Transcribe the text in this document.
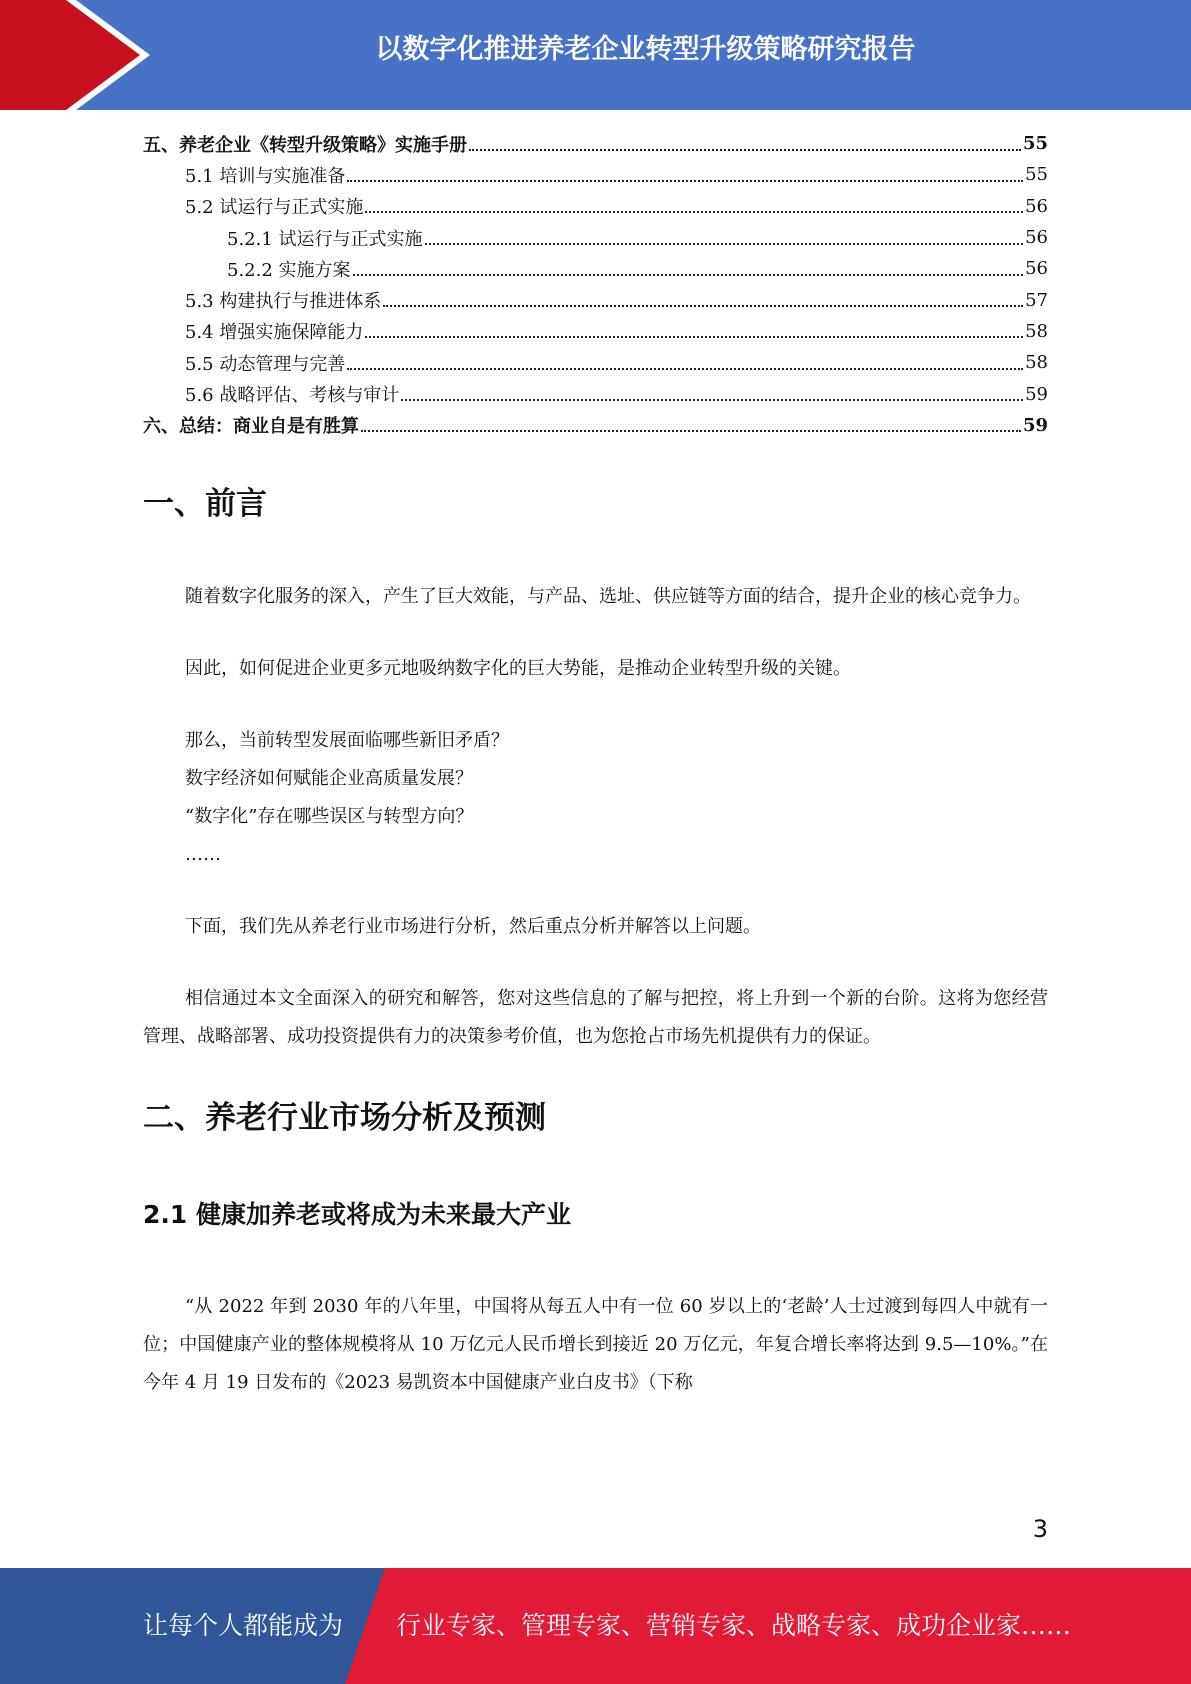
以数字化推进养老企业转型升级策略研究报告
五、养老企业《转型升级策略》实施手册	55
5.1 培训与实施准备	55
5.2 试运行与正式实施	56
5.2.1 试运行与正式实施	56
5.2.2 实施方案	56
5.3 构建执行与推进体系	57
5.4 增强实施保障能力	58
5.5 动态管理与完善	58
5.6 战略评估、考核与审计	59
六、总结：商业自是有胜算	59
一、前言

随着数字化服务的深入，产生了巨大效能，与产品、选址、供应链等方面的结合，提升企业的核心竞争力。

因此，如何促进企业更多元地吸纳数字化的巨大势能，是推动企业转型升级的关键。

那么，当前转型发展面临哪些新旧矛盾？

数字经济如何赋能企业高质量发展？

“数字化”存在哪些误区与转型方向？

……

下面，我们先从养老行业市场进行分析，然后重点分析并解答以上问题。

相信通过本文全面深入的研究和解答，您对这些信息的了解与把控，将上升到一个新的台阶。这将为您经营管理、战略部署、成功投资提供有力的决策参考价值，也为您抢占市场先机提供有力的保证。

二、养老行业市场分析及预测
2.1 健康加养老或将成为未来最大产业

“从 2022 年到 2030 年的八年里，中国将从每五人中有一位 60 岁以上的‘老龄’人士过渡到每四人中就有一位；中国健康产业的整体规模将从 10 万亿元人民币增长到接近 20 万亿元，年复合增长率将达到 9.5—10%。”在今年 4 月 19 日发布的《2023 易凯资本中国健康产业白皮书》（下称

3
让每个人都能成为 行业专家、管理专家、营销专家、战略专家、成功企业家……
